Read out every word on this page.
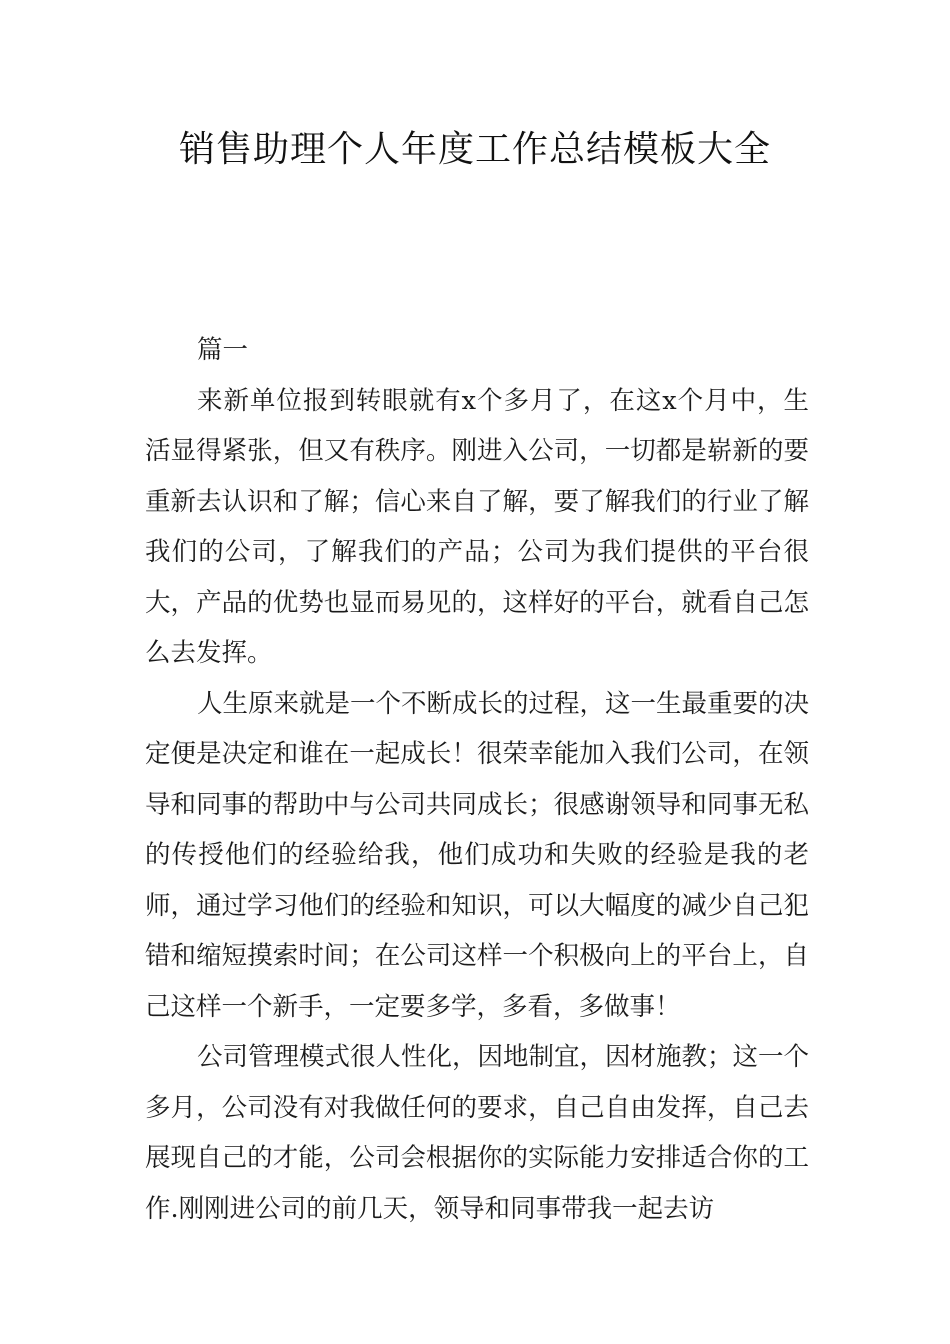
销售助理个人年度工作总结模板大全

篇一

来新单位报到转眼就有x个多月了，在这x个月中，生活显得紧张，但又有秩序。刚进入公司，一切都是崭新的要重新去认识和了解；信心来自了解，要了解我们的行业了解我们的公司，了解我们的产品；公司为我们提供的平台很大，产品的优势也显而易见的，这样好的平台，就看自己怎么去发挥。

人生原来就是一个不断成长的过程，这一生最重要的决定便是决定和谁在一起成长！很荣幸能加入我们公司，在领导和同事的帮助中与公司共同成长；很感谢领导和同事无私的传授他们的经验给我，他们成功和失败的经验是我的老师，通过学习他们的经验和知识，可以大幅度的减少自己犯错和缩短摸索时间；在公司这样一个积极向上的平台上，自己这样一个新手，一定要多学，多看，多做事！

公司管理模式很人性化，因地制宜，因材施教；这一个多月，公司没有对我做任何的要求，自己自由发挥，自己去展现自己的才能，公司会根据你的实际能力安排适合你的工作.刚刚进公司的前几天，领导和同事带我一起去访
